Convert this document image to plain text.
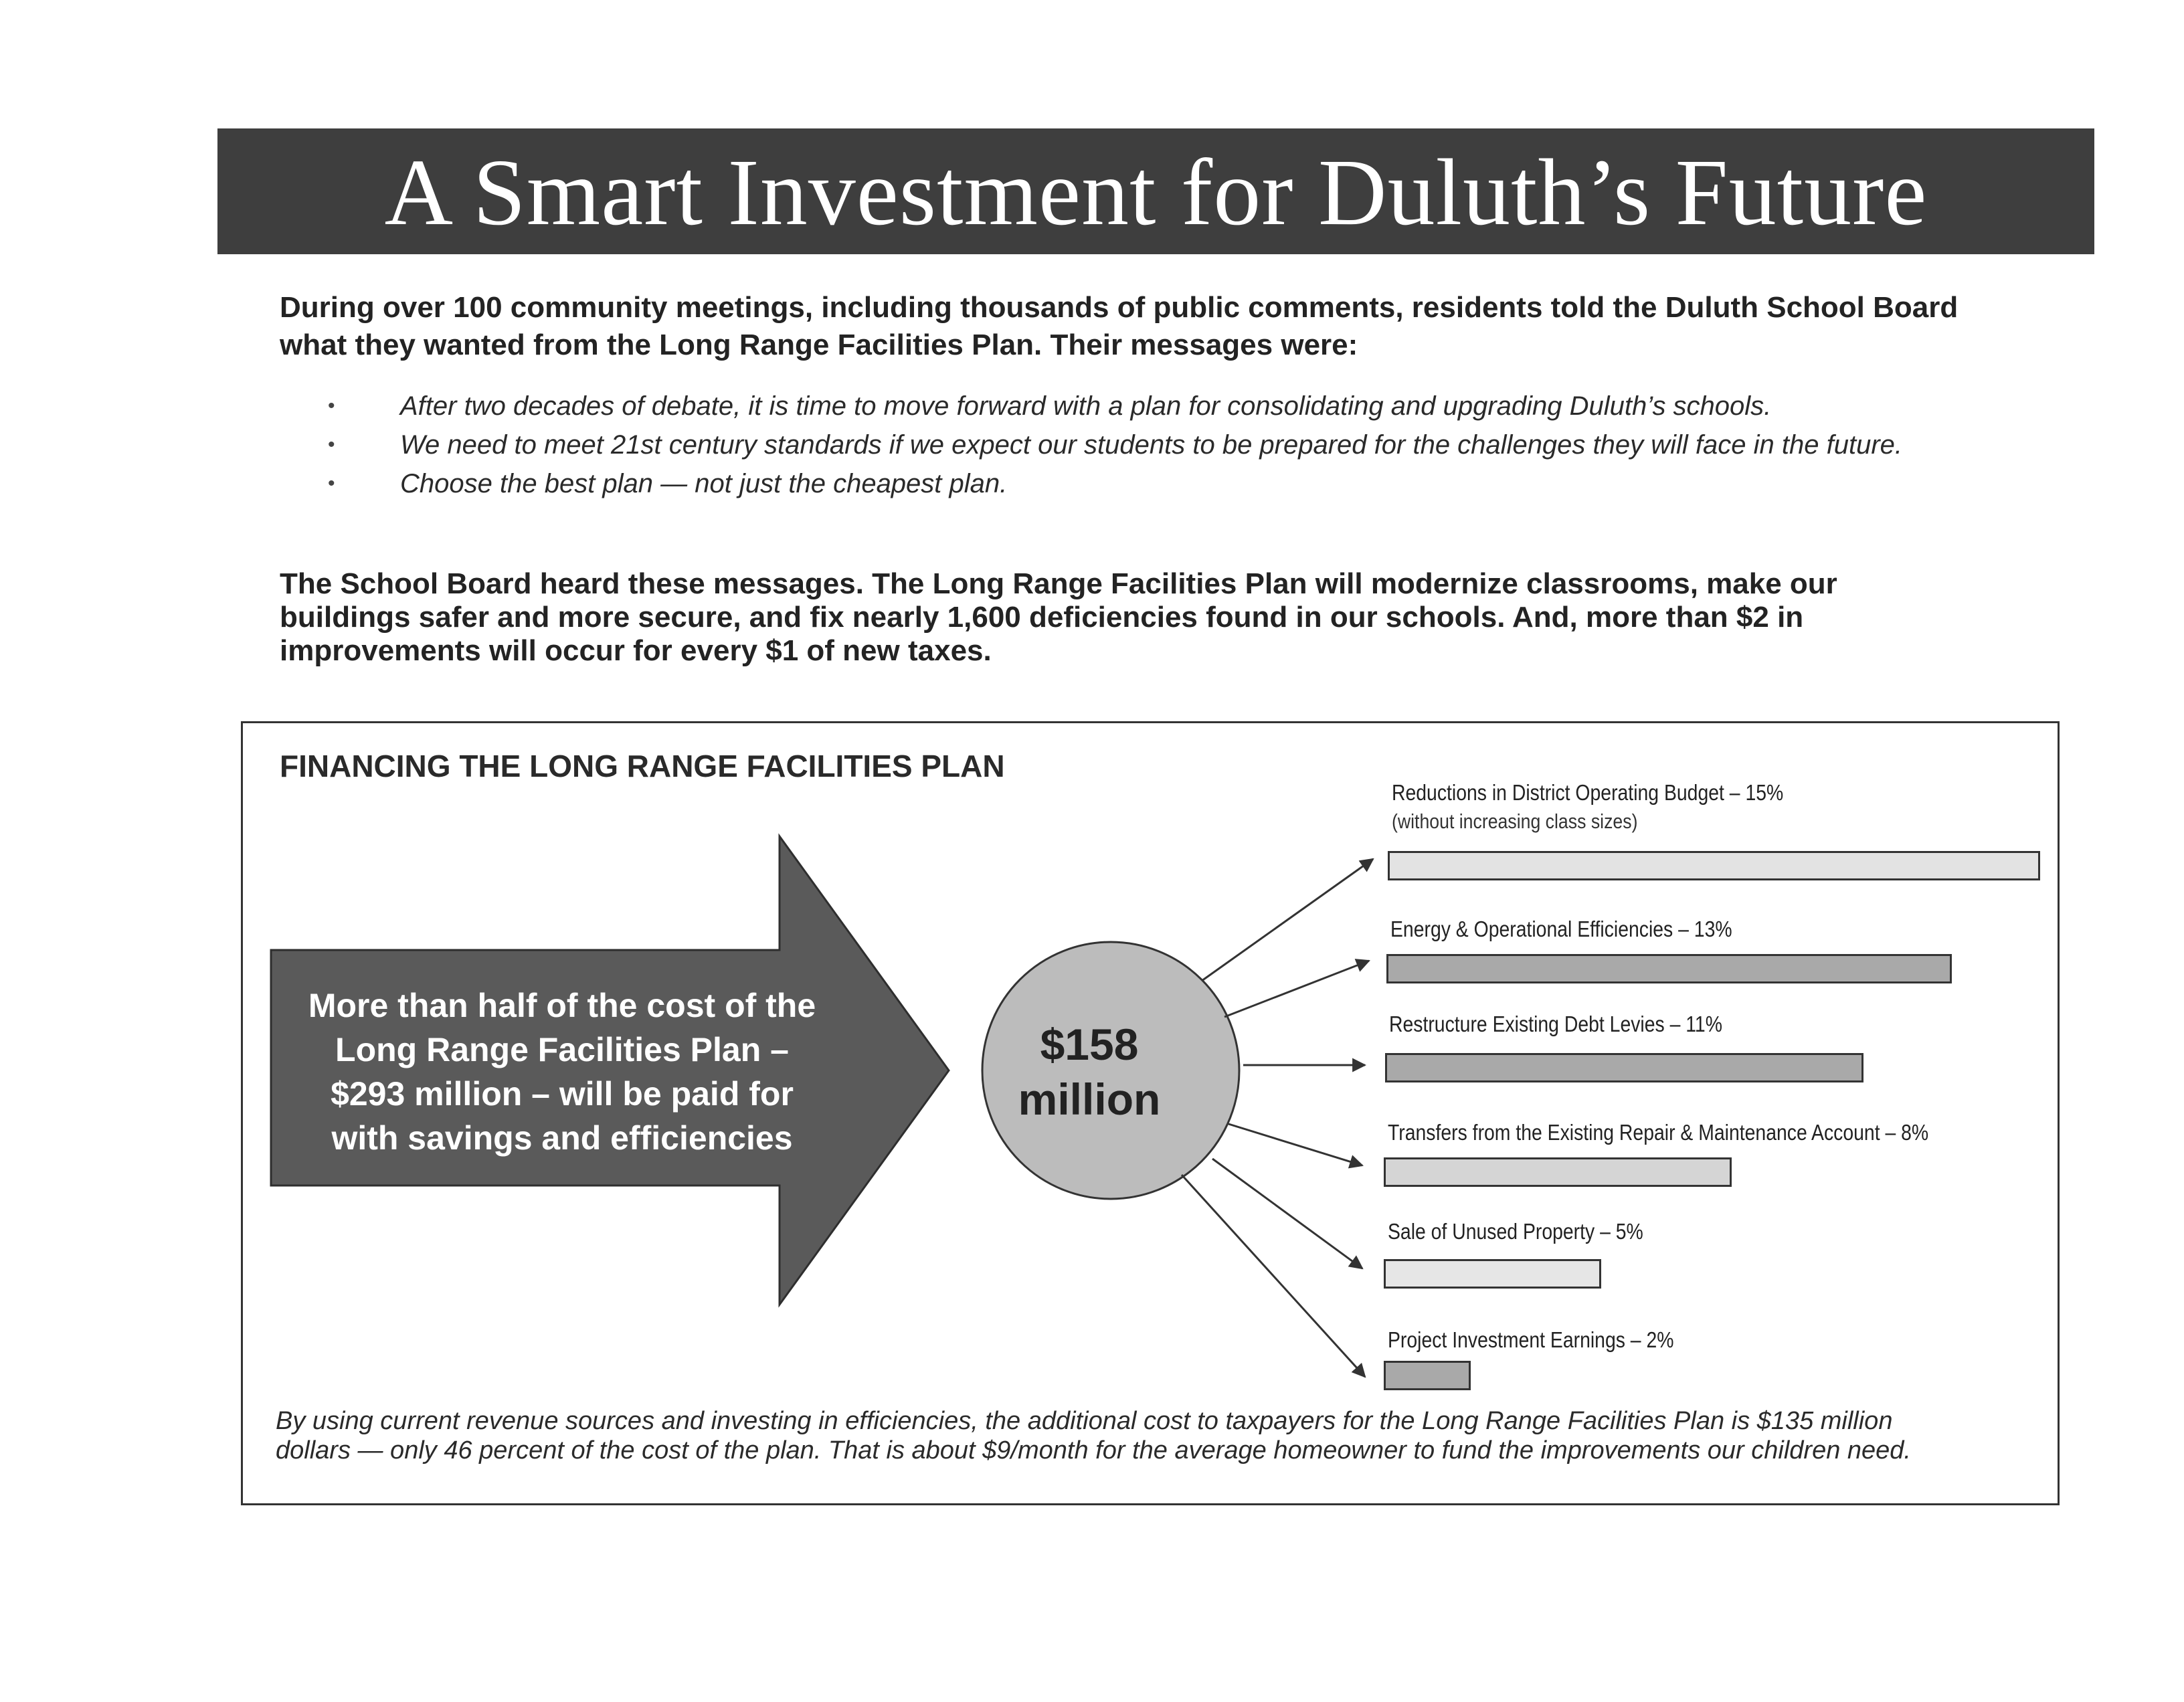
A Smart Investment for Duluth’s Future
During over 100 community meetings, including thousands of public comments, residents told the Duluth School Board what they wanted from the Long Range Facilities Plan. Their messages were:
• After two decades of debate, it is time to move forward with a plan for consolidating and upgrading Duluth’s schools.
• We need to meet 21st century standards if we expect our students to be prepared for the challenges they will face in the future.
• Choose the best plan — not just the cheapest plan.
The School Board heard these messages. The Long Range Facilities Plan will modernize classrooms, make our buildings safer and more secure, and fix nearly 1,600 deficiencies found in our schools. And, more than $2 in improvements will occur for every $1 of new taxes.
FINANCING THE LONG RANGE FACILITIES PLAN
More than half of the cost of the
Long Range Facilities Plan –
$293 million – will be paid for
with savings and efficiencies
$158
million
Reductions in District Operating Budget – 15%
(without increasing class sizes)
Energy & Operational Efficiencies – 13%
Restructure Existing Debt Levies – 11%
Transfers from the Existing Repair & Maintenance Account – 8%
Sale of Unused Property – 5%
Project Investment Earnings – 2%
By using current revenue sources and investing in efficiencies, the additional cost to taxpayers for the Long Range Facilities Plan is $135 million dollars — only 46 percent of the cost of the plan. That is about $9/month for the average homeowner to fund the improvements our children need.
